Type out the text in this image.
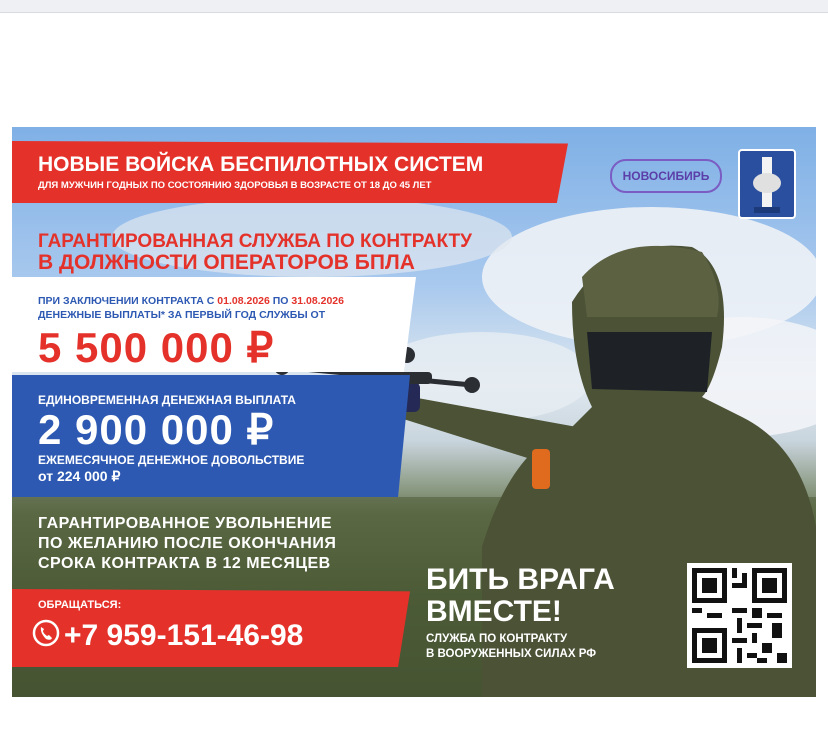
НОВЫЕ ВОЙСКА БЕСПИЛОТНЫХ СИСТЕМ
ДЛЯ МУЖЧИН ГОДНЫХ ПО СОСТОЯНИЮ ЗДОРОВЬЯ В ВОЗРАСТЕ ОТ 18 ДО 45 ЛЕТ
НОВОСИБИРЬ
ГАРАНТИРОВАННАЯ СЛУЖБА ПО КОНТРАКТУ
В ДОЛЖНОСТИ ОПЕРАТОРОВ БПЛА
ПРИ ЗАКЛЮЧЕНИИ КОНТРАКТА С 01.08.2026 ПО 31.08.2026
ДЕНЕЖНЫЕ ВЫПЛАТЫ* ЗА ПЕРВЫЙ ГОД СЛУЖБЫ ОТ
5 500 000 ₽
ЕДИНОВРЕМЕННАЯ ДЕНЕЖНАЯ ВЫПЛАТА
2 900 000 ₽
ЕЖЕМЕСЯЧНОЕ ДЕНЕЖНОЕ ДОВОЛЬСТВИЕ
от 224 000 ₽
ГАРАНТИРОВАННОЕ УВОЛЬНЕНИЕ
ПО ЖЕЛАНИЮ ПОСЛЕ ОКОНЧАНИЯ
СРОКА КОНТРАКТА В 12 МЕСЯЦЕВ
ОБРАЩАТЬСЯ:
+7 959-151-46-98
БИТЬ ВРАГА
ВМЕСТЕ!
СЛУЖБА ПО КОНТРАКТУ
В ВООРУЖЕННЫХ СИЛАХ РФ
